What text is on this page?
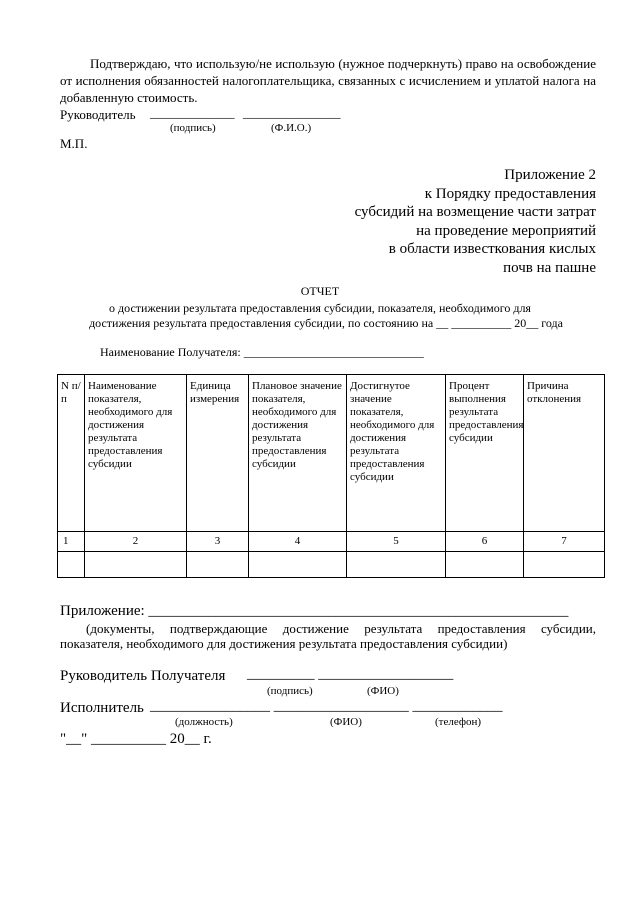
Подтверждаю, что использую/не использую (нужное подчеркнуть) право на освобождение от исполнения обязанностей налогоплательщика, связанных с исчислением и уплатой налога на добавленную стоимость.
Руководитель _____________ _______________
(подпись)	(Ф.И.О.)
М.П.
Приложение 2
к Порядку предоставления
субсидий на возмещение части затрат
на проведение мероприятий
в области известкования кислых
почв на пашне
ОТЧЕТ
о достижении результата предоставления субсидии, показателя, необходимого для
достижения результата предоставления субсидии, по состоянию на __ __________ 20__ года
Наименование Получателя: ______________________________
N п/п	Наименование показателя, необходимого для достижения результата предоставления субсидии	Единица измерения	Плановое значение показателя, необходимого для достижения результата предоставления субсидии	Достигнутое значение показателя, необходимого для достижения результата предоставления субсидии	Процент выполнения результата предоставления субсидии	Причина отклонения
1	2	3	4	5	6	7

Приложение: ________________________________________________________
(документы, подтверждающие достижение результата предоставления субсидии, показателя, необходимого для достижения результата предоставления субсидии)
Руководитель Получателя _________ __________________
(подпись)	(ФИО)
Исполнитель ________________ __________________ ____________
(должность)	(ФИО)	(телефон)
"__" __________ 20__ г.
